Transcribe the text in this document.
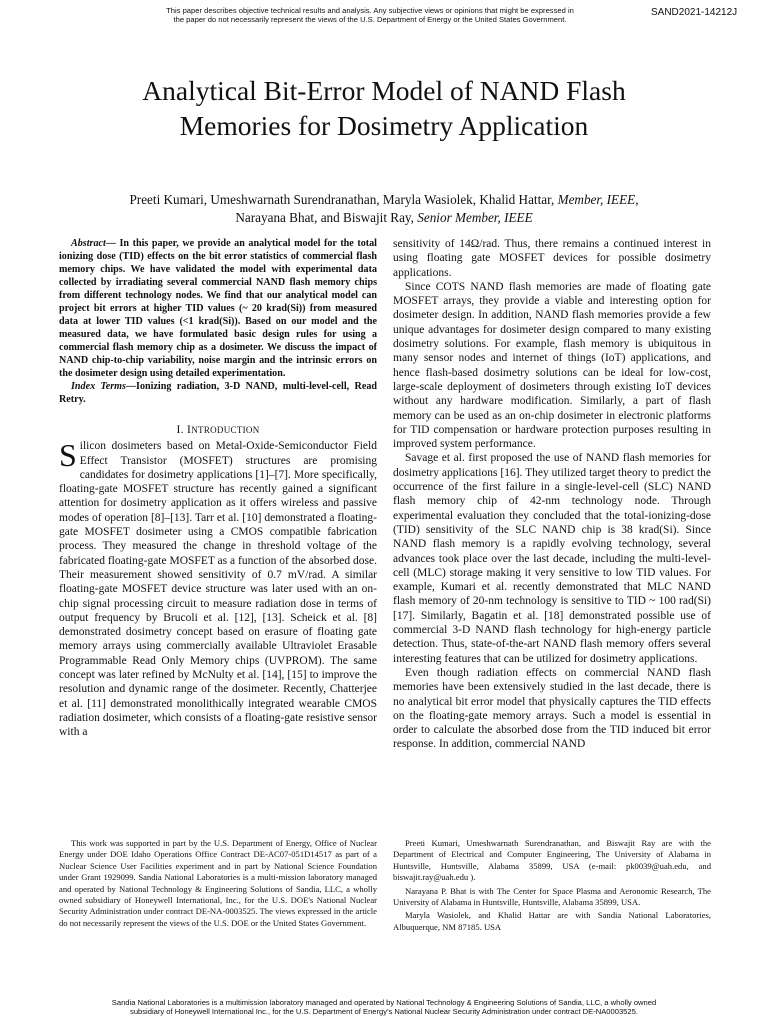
This paper describes objective technical results and analysis. Any subjective views or opinions that might be expressed in
the paper do not necessarily represent the views of the U.S. Department of Energy or the United States Government.
SAND2021-14212J
Analytical Bit-Error Model of NAND Flash
Memories for Dosimetry Application
Preeti Kumari, Umeshwarnath Surendranathan, Maryla Wasiolek, Khalid Hattar, Member, IEEE,
Narayana Bhat, and Biswajit Ray, Senior Member, IEEE

Abstract— In this paper, we provide an analytical model for the total ionizing dose (TID) effects on the bit error statistics of commercial flash memory chips. We have validated the model with experimental data collected by irradiating several commercial NAND flash memory chips from different technology nodes. We find that our analytical model can project bit errors at higher TID values (~ 20 krad(Si)) from measured data at lower TID values (<1 krad(Si)). Based on our model and the measured data, we have formulated basic design rules for using a commercial flash memory chip as a dosimeter. We discuss the impact of NAND chip-to-chip variability, noise margin and the intrinsic errors on the dosimeter design using detailed experimentation.

Index Terms—Ionizing radiation, 3-D NAND, multi-level-cell, Read Retry.

I. INTRODUCTION

Silicon dosimeters based on Metal-Oxide-Semiconductor Field Effect Transistor (MOSFET) structures are promising candidates for dosimetry applications [1]–[7]. More specifically, floating-gate MOSFET structure has recently gained a significant attention for dosimetry application as it offers wireless and passive modes of operation [8]–[13]. Tarr et al. [10] demonstrated a floating-gate MOSFET dosimeter using a CMOS compatible fabrication process. They measured the change in threshold voltage of the fabricated floating-gate MOSFET as a function of the absorbed dose. Their measurement showed sensitivity of 0.7 mV/rad. A similar floating-gate MOSFET device structure was later used with an on-chip signal processing circuit to measure radiation dose in terms of output frequency by Brucoli et al. [12], [13]. Scheick et al. [8] demonstrated dosimetry concept based on erasure of floating gate memory arrays using commercially available Ultraviolet Erasable Programmable Read Only Memory chips (UVPROM). The same concept was later refined by McNulty et al. [14], [15] to improve the resolution and dynamic range of the dosimeter. Recently, Chatterjee et al. [11] demonstrated monolithically integrated wearable CMOS radiation dosimeter, which consists of a floating-gate resistive sensor with a

sensitivity of 14Ω/rad. Thus, there remains a continued interest in using floating gate MOSFET devices for possible dosimetry applications.

Since COTS NAND flash memories are made of floating gate MOSFET arrays, they provide a viable and interesting option for dosimeter design. In addition, NAND flash memories provide a few unique advantages for dosimeter design compared to many existing dosimetry solutions. For example, flash memory is ubiquitous in many sensor nodes and internet of things (IoT) applications, and hence flash-based dosimetry solutions can be ideal for low-cost, large-scale deployment of dosimeters through existing IoT devices without any hardware modification. Similarly, a part of flash memory can be used as an on-chip dosimeter in electronic platforms for TID compensation or hardware protection purposes resulting in improved system performance.

Savage et al. first proposed the use of NAND flash memories for dosimetry applications [16]. They utilized target theory to predict the occurrence of the first failure in a single-level-cell (SLC) NAND flash memory chip of 42-nm technology node. Through experimental evaluation they concluded that the total-ionizing-dose (TID) sensitivity of the SLC NAND chip is 38 krad(Si). Since NAND flash memory is a rapidly evolving technology, several advances took place over the last decade, including the multi-level-cell (MLC) storage making it very sensitive to low TID values. For example, Kumari et al. recently demonstrated that MLC NAND flash memory of 20-nm technology is sensitive to TID ~ 100 rad(Si) [17]. Similarly, Bagatin et al. [18] demonstrated possible use of commercial 3-D NAND flash technology for high-energy particle detection. Thus, state-of-the-art NAND flash memory offers several interesting features that can be utilized for dosimetry applications.

Even though radiation effects on commercial NAND flash memories have been extensively studied in the last decade, there is no analytical bit error model that physically captures the TID effects on the floating-gate memory arrays. Such a model is essential in order to calculate the absorbed dose from the TID induced bit error response. In addition, commercial NAND

This work was supported in part by the U.S. Department of Energy, Office of Nuclear Energy under DOE Idaho Operations Office Contract DE-AC07-051D14517 as part of a Nuclear Science User Facilities experiment and in part by National Science Foundation under Grant 1929099. Sandia National Laboratories is a multi-mission laboratory managed and operated by National Technology & Engineering Solutions of Sandia, LLC, a wholly owned subsidiary of Honeywell International, Inc., for the U.S. DOE's National Nuclear Security Administration under contract DE-NA-0003525. The views expressed in the article do not necessarily represent the views of the U.S. DOE or the United States Government.

Preeti Kumari, Umeshwarnath Surendranathan, and Biswajit Ray are with the Department of Electrical and Computer Engineering, The University of Alabama in Huntsville, Huntsville, Alabama 35899, USA (e-mail: pk0039@uah.edu, and biswajit.ray@uah.edu ).

Narayana P. Bhat is with The Center for Space Plasma and Aeronomic Research, The University of Alabama in Huntsville, Huntsville, Alabama 35899, USA.

Maryla Wasiolek, and Khalid Hattar are with Sandia National Laboratories, Albuquerque, NM 87185. USA

Sandia National Laboratories is a multimission laboratory managed and operated by National Technology & Engineering Solutions of Sandia, LLC, a wholly owned
subsidiary of Honeywell International Inc., for the U.S. Department of Energy's National Nuclear Security Administration under contract DE-NA0003525.
